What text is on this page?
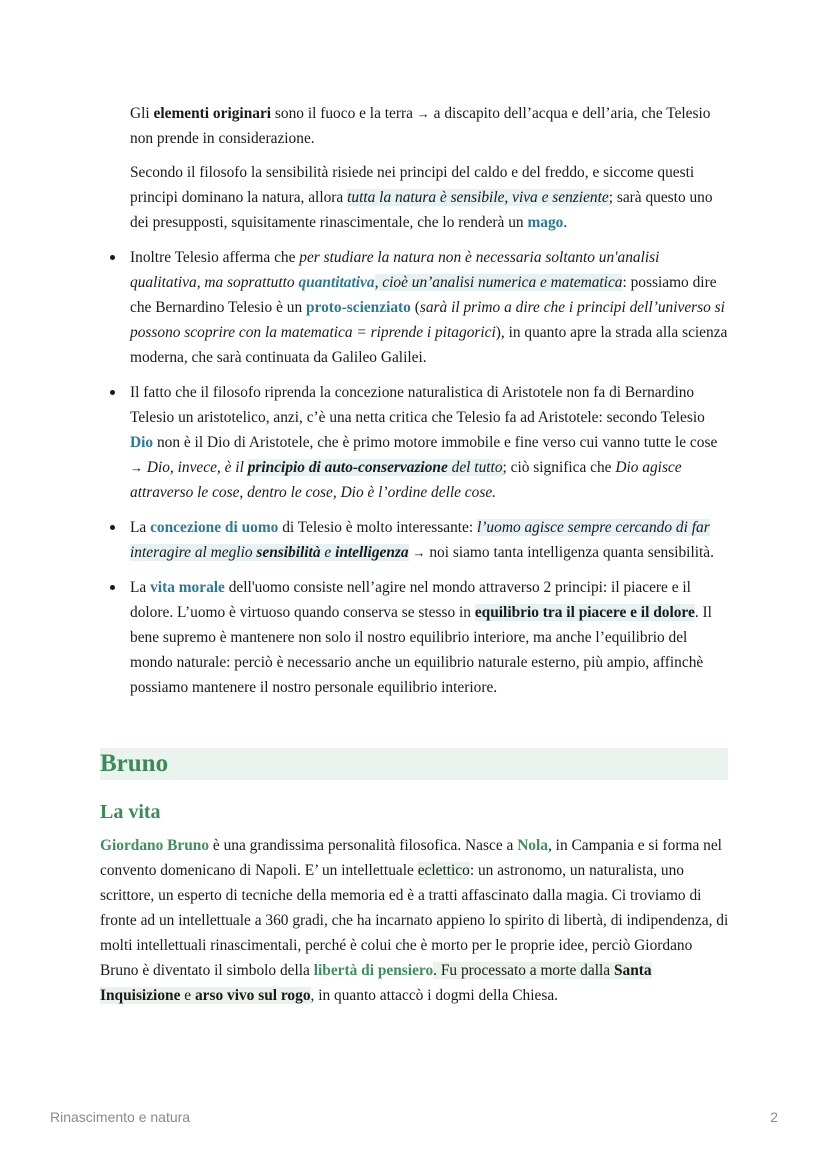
Gli elementi originari sono il fuoco e la terra → a discapito dell’acqua e dell’aria, che Telesio non prende in considerazione.

Secondo il filosofo la sensibilità risiede nei principi del caldo e del freddo, e siccome questi principi dominano la natura, allora tutta la natura è sensibile, viva e senziente; sarà questo uno dei presupposti, squisitamente rinascimentale, che lo renderà un mago.

Inoltre Telesio afferma che per studiare la natura non è necessaria soltanto un'analisi qualitativa, ma soprattutto quantitativa, cioè un’analisi numerica e matematica: possiamo dire che Bernardino Telesio è un proto-scienziato (sarà il primo a dire che i principi dell’universo si possono scoprire con la matematica = riprende i pitagorici), in quanto apre la strada alla scienza moderna, che sarà continuata da Galileo Galilei.
Il fatto che il filosofo riprenda la concezione naturalistica di Aristotele non fa di Bernardino Telesio un aristotelico, anzi, c’è una netta critica che Telesio fa ad Aristotele: secondo Telesio Dio non è il Dio di Aristotele, che è primo motore immobile e fine verso cui vanno tutte le cose → Dio, invece, è il principio di auto-conservazione del tutto; ciò significa che Dio agisce attraverso le cose, dentro le cose, Dio è l’ordine delle cose.
La concezione di uomo di Telesio è molto interessante: l’uomo agisce sempre cercando di far interagire al meglio sensibilità e intelligenza → noi siamo tanta intelligenza quanta sensibilità.
La vita morale dell'uomo consiste nell’agire nel mondo attraverso 2 principi: il piacere e il dolore. L’uomo è virtuoso quando conserva se stesso in equilibrio tra il piacere e il dolore. Il bene supremo è mantenere non solo il nostro equilibrio interiore, ma anche l’equilibrio del mondo naturale: perciò è necessario anche un equilibrio naturale esterno, più ampio, affinchè possiamo mantenere il nostro personale equilibrio interiore.
Bruno
La vita

Giordano Bruno è una grandissima personalità filosofica. Nasce a Nola, in Campania e si forma nel convento domenicano di Napoli. E’ un intellettuale eclettico: un astronomo, un naturalista, uno scrittore, un esperto di tecniche della memoria ed è a tratti affascinato dalla magia. Ci troviamo di fronte ad un intellettuale a 360 gradi, che ha incarnato appieno lo spirito di libertà, di indipendenza, di molti intellettuali rinascimentali, perché è colui che è morto per le proprie idee, perciò Giordano Bruno è diventato il simbolo della libertà di pensiero. Fu processato a morte dalla Santa Inquisizione e arso vivo sul rogo, in quanto attaccò i dogmi della Chiesa.

Rinascimento e natura	2
